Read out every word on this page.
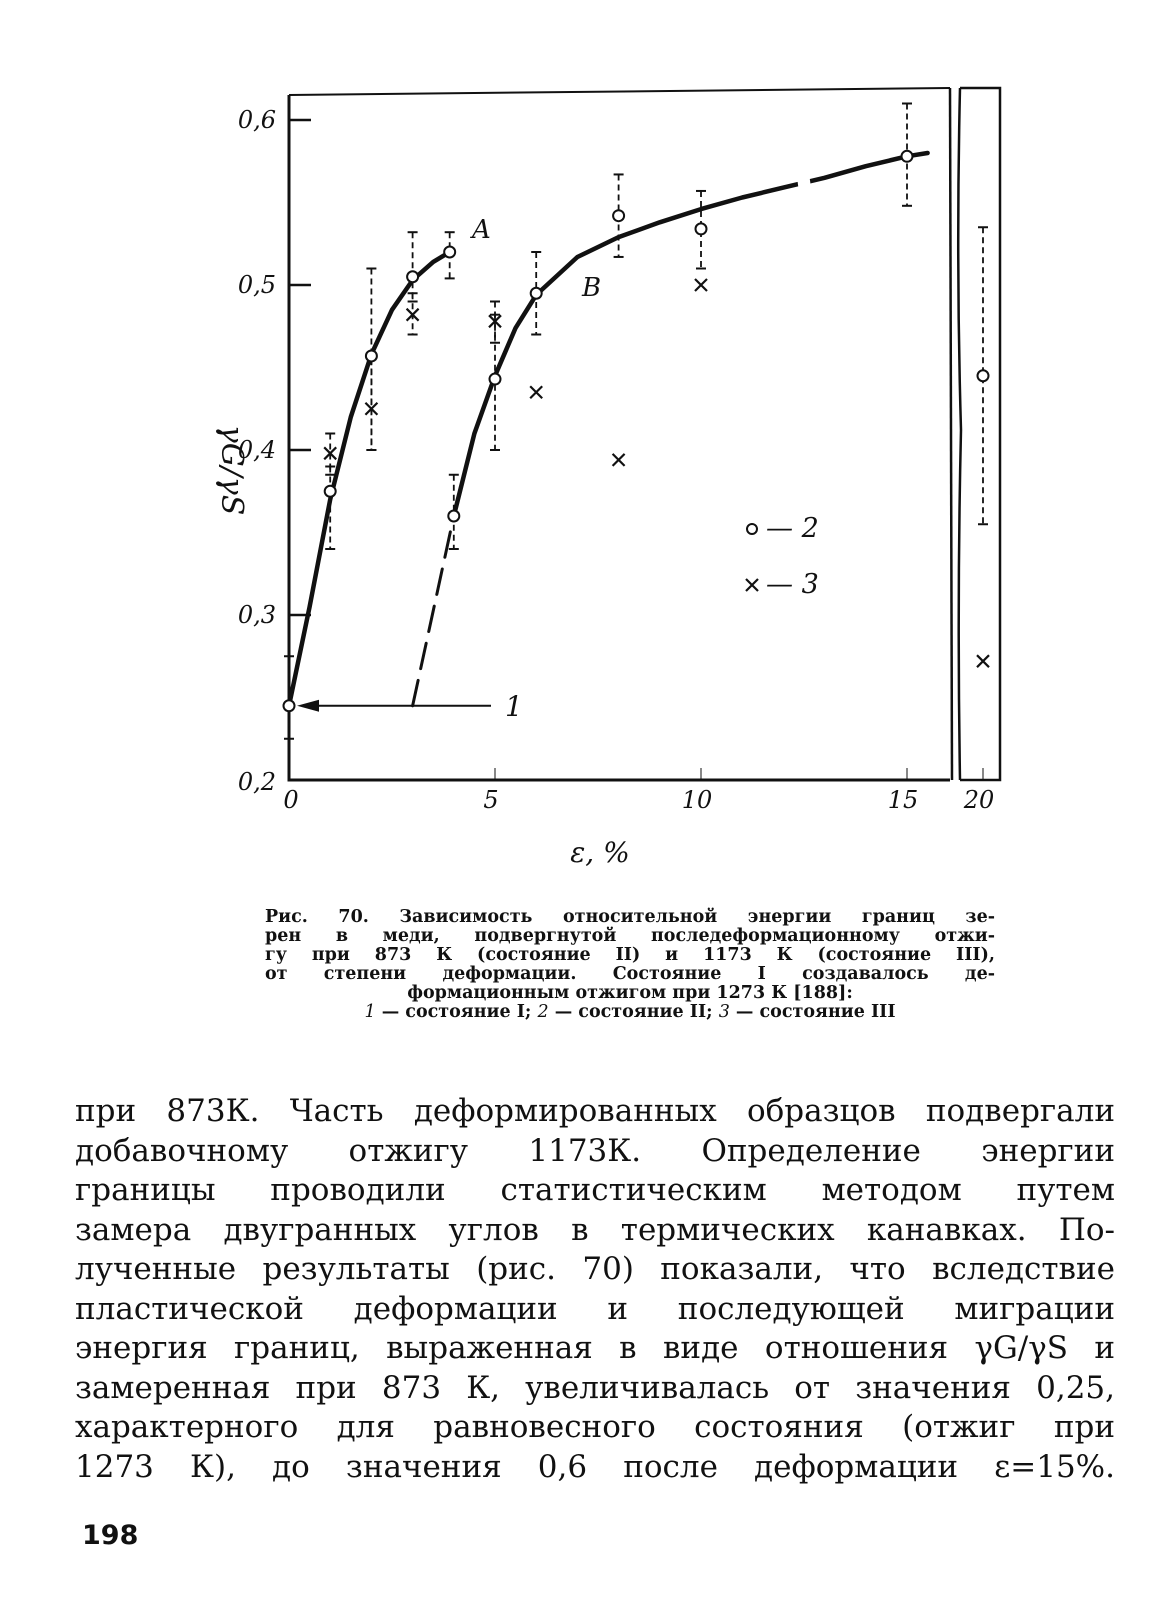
0	5	10	15 20
0,2
0,3
0,4
0,5
0,6
ε, %
γG/γS
1
A
B
— 2
— 3
Рис. 70. Зависимость относительной энергии границ зе-
рен в меди, подвергнутой последеформационному отжи-
гу при 873 К (состояние II) и 1173 К (состояние III),
от степени деформации. Состояние I создавалось де-
формационным отжигом при 1273 К [188]:
1 — состояние I; 2 — состояние II; 3 — состояние III
при 873К. Часть деформированных образцов подвергали
добавочному отжигу 1173К. Определение энергии
границы проводили статистическим методом путем
замера двугранных углов в термических канавках. По-
лученные результаты (рис. 70) показали, что вследствие
пластической деформации и последующей миграции
энергия границ, выраженная в виде отношения γG/γS и
замеренная при 873 К, увеличивалась от значения 0,25,
характерного для равновесного состояния (отжиг при
1273 К), до значения 0,6 после деформации ε=15%.
198
